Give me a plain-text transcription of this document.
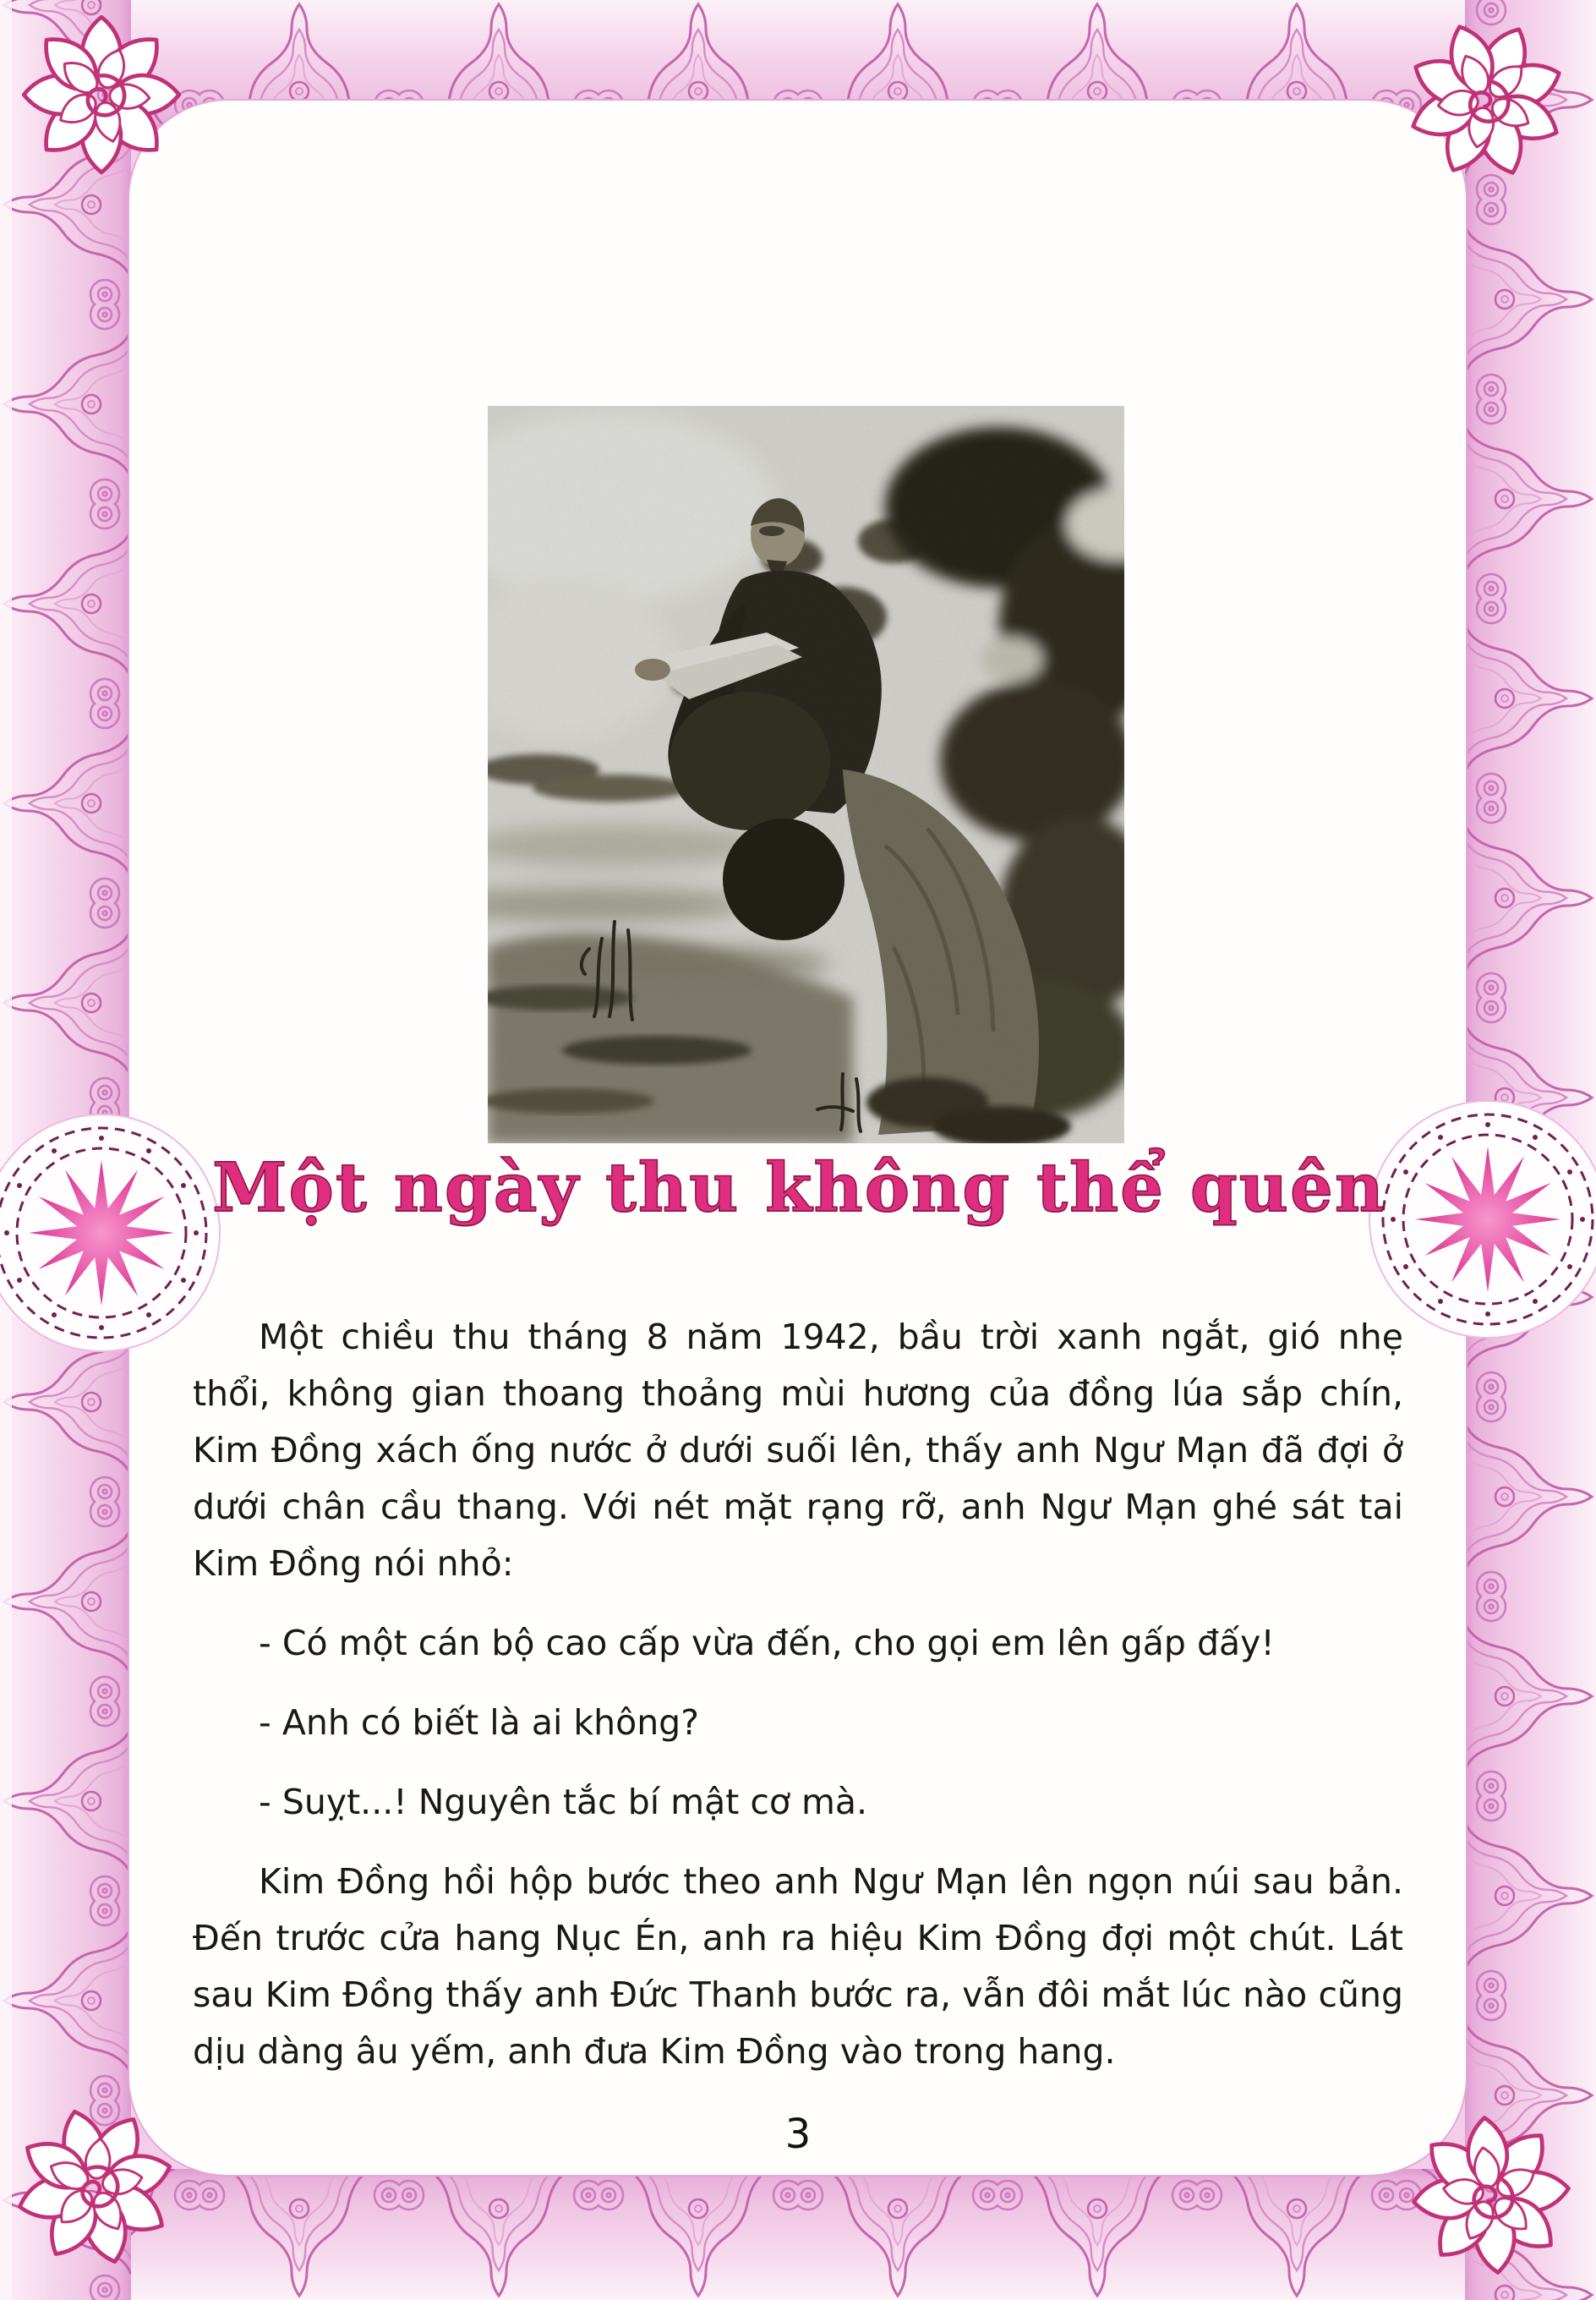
Một ngày thu không thể quên

Một chiều thu tháng 8 năm 1942, bầu trời xanh ngắt, gió nhẹ thổi, không gian thoang thoảng mùi hương của đồng lúa sắp chín, Kim Đồng xách ống nước ở dưới suối lên, thấy anh Ngư Mạn đã đợi ở dưới chân cầu thang. Với nét mặt rạng rỡ, anh Ngư Mạn ghé sát tai Kim Đồng nói nhỏ:

- Có một cán bộ cao cấp vừa đến, cho gọi em lên gấp đấy!

- Anh có biết là ai không?

- Suỵt...! Nguyên tắc bí mật cơ mà.

Kim Đồng hồi hộp bước theo anh Ngư Mạn lên ngọn núi sau bản. Đến trước cửa hang Nục Én, anh ra hiệu Kim Đồng đợi một chút. Lát sau Kim Đồng thấy anh Đức Thanh bước ra, vẫn đôi mắt lúc nào cũng dịu dàng âu yếm, anh đưa Kim Đồng vào trong hang.

3
